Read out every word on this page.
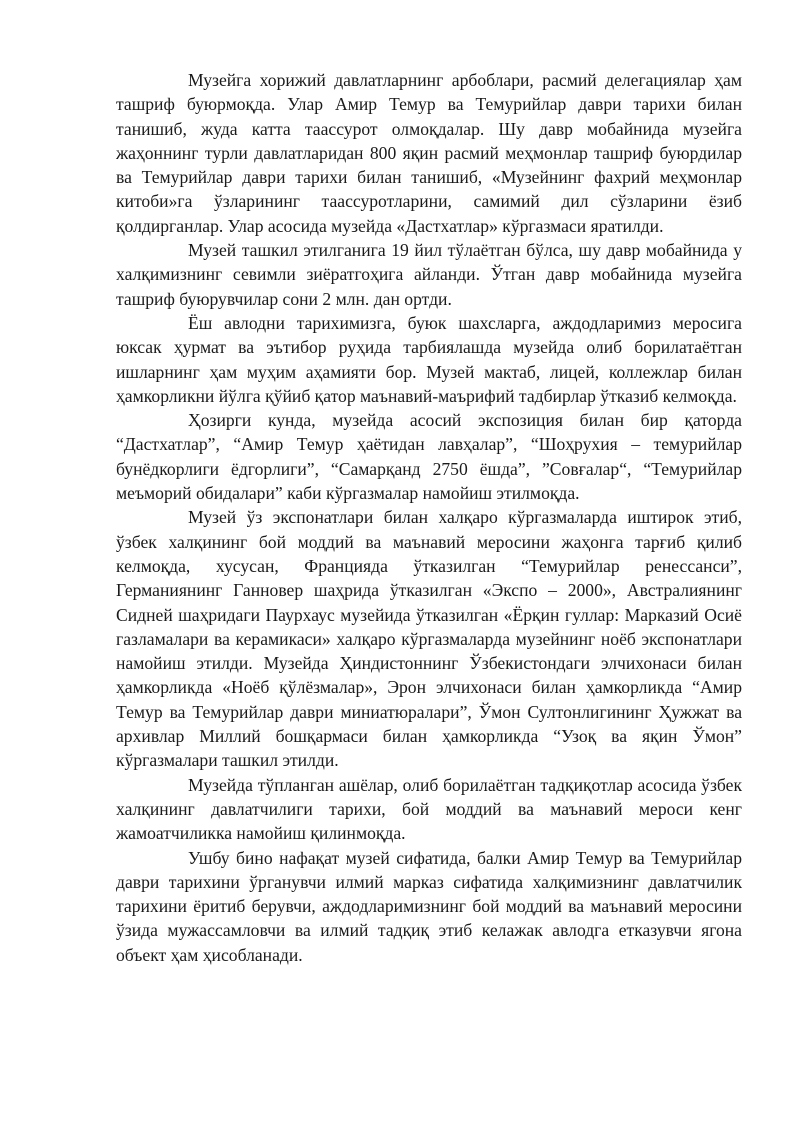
Музейга хорижий давлатларнинг арбоблари, расмий делегациялар ҳам ташриф буюрмоқда. Улар Амир Темур ва Темурийлар даври тарихи билан танишиб, жуда катта таассурот олмоқдалар. Шу давр мобайнида музейга жаҳоннинг турли давлатларидан 800 яқин расмий меҳмонлар ташриф буюрдилар ва Темурийлар даври тарихи билан танишиб, «Музейнинг фахрий меҳмонлар китоби»га ўзларининг таассуротларини, самимий дил сўзларини ёзиб қолдирганлар. Улар асосида музейда «Дастхатлар» кўргазмаси яратилди.

Музей ташкил этилганига 19 йил тўлаётган бўлса, шу давр мобайнида у халқимизнинг севимли зиёратгоҳига айланди. Ўтган давр мобайнида музейга ташриф буюрувчилар сони 2 млн. дан ортди.

Ёш авлодни тарихимизга, буюк шахсларга, аждодларимиз меросига юксак ҳурмат ва эътибор руҳида тарбиялашда музейда олиб борилатаётган ишларнинг ҳам муҳим аҳамияти бор. Музей мактаб, лицей, коллежлар билан ҳамкорликни йўлга қўйиб қатор маънавий-маърифий тадбирлар ўтказиб келмоқда.

Ҳозирги кунда, музейда асосий экспозиция билан бир қаторда “Дастхатлар”, “Амир Темур ҳаётидан лавҳалар”, “Шоҳрухия – темурийлар бунёдкорлиги ёдгорлиги”, “Самарқанд 2750 ёшда”, ”Совғалар“, “Темурийлар меъморий обидалари” каби кўргазмалар намойиш этилмоқда.

Музей ўз экспонатлари билан халқаро кўргазмаларда иштирок этиб, ўзбек халқининг бой моддий ва маънавий меросини жаҳонга тарғиб қилиб келмоқда, хусусан, Францияда ўтказилган “Темурийлар ренессанси”, Германиянинг Ганновер шаҳрида ўтказилган «Экспо – 2000», Австралиянинг Сидней шаҳридаги Паурхаус музейида ўтказилган «Ёрқин гуллар: Марказий Осиё газламалари ва керамикаси» халқаро кўргазмаларда музейнинг ноёб экспонатлари намойиш этилди. Музейда Ҳиндистоннинг Ўзбекистондаги элчихонаси билан ҳамкорликда «Ноёб қўлёзмалар», Эрон элчихонаси билан ҳамкорликда “Амир Темур ва Темурийлар даври миниатюралари”, Ўмон Султонлигининг Ҳужжат ва архивлар Миллий бошқармаси билан ҳамкорликда “Узоқ ва яқин Ўмон” кўргазмалари ташкил этилди.

Музейда тўпланган ашёлар, олиб борилаётган тадқиқотлар асосида ўзбек халқининг давлатчилиги тарихи, бой моддий ва маънавий мероси кенг жамоатчиликка намойиш қилинмоқда.

Ушбу бино нафақат музей сифатида, балки Амир Темур ва Темурийлар даври тарихини ўрганувчи илмий марказ сифатида халқимизнинг давлатчилик тарихини ёритиб берувчи, аждодларимизнинг бой моддий ва маънавий меросини ўзида мужассамловчи ва илмий тадқиқ этиб келажак авлодга етказувчи ягона объект ҳам ҳисобланади.
